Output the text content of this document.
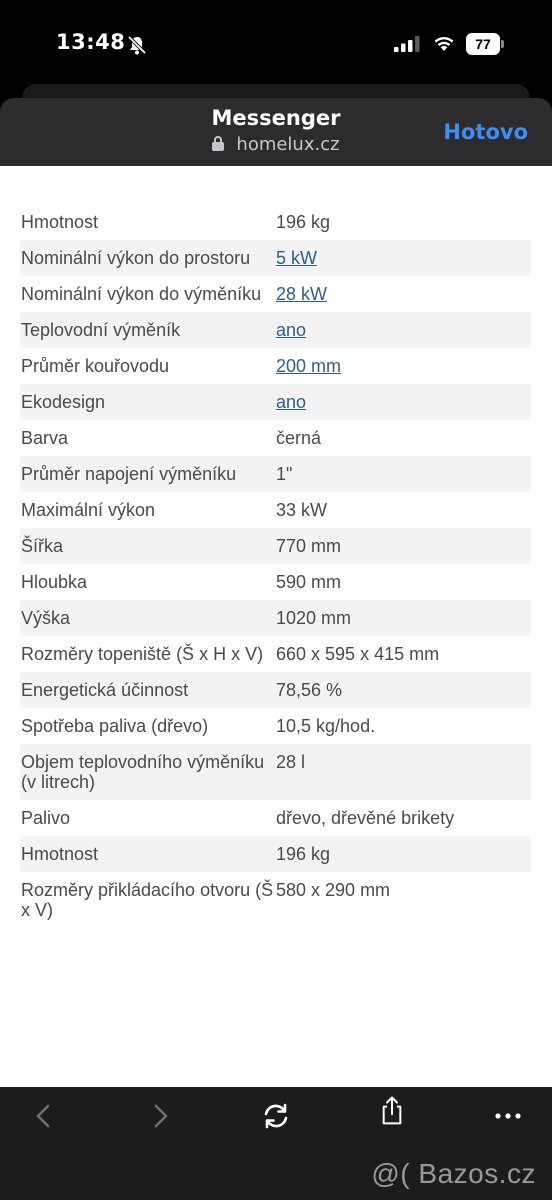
13:48	77
Messenger
homelux.cz
Hotovo
Hmotnost	196 kg
Nominální výkon do prostoru	5 kW
Nominální výkon do výměníku	28 kW
Teplovodní výměník	ano
Průměr kouřovodu	200 mm
Ekodesign	ano
Barva	černá
Průměr napojení výměníku	1"
Maximální výkon	33 kW
Šířka	770 mm
Hloubka	590 mm
Výška	1020 mm
Rozměry topeniště (Š x H x V)	660 x 595 x 415 mm
Energetická účinnost	78,56 %
Spotřeba paliva (dřevo)	10,5 kg/hod.
Objem teplovodního výměníku (v litrech)	28 l
Palivo	dřevo, dřevěné brikety
Hmotnost	196 kg
Rozměry přikládacího otvoru (Š x V)	580 x 290 mm
@( Bazos.cz
